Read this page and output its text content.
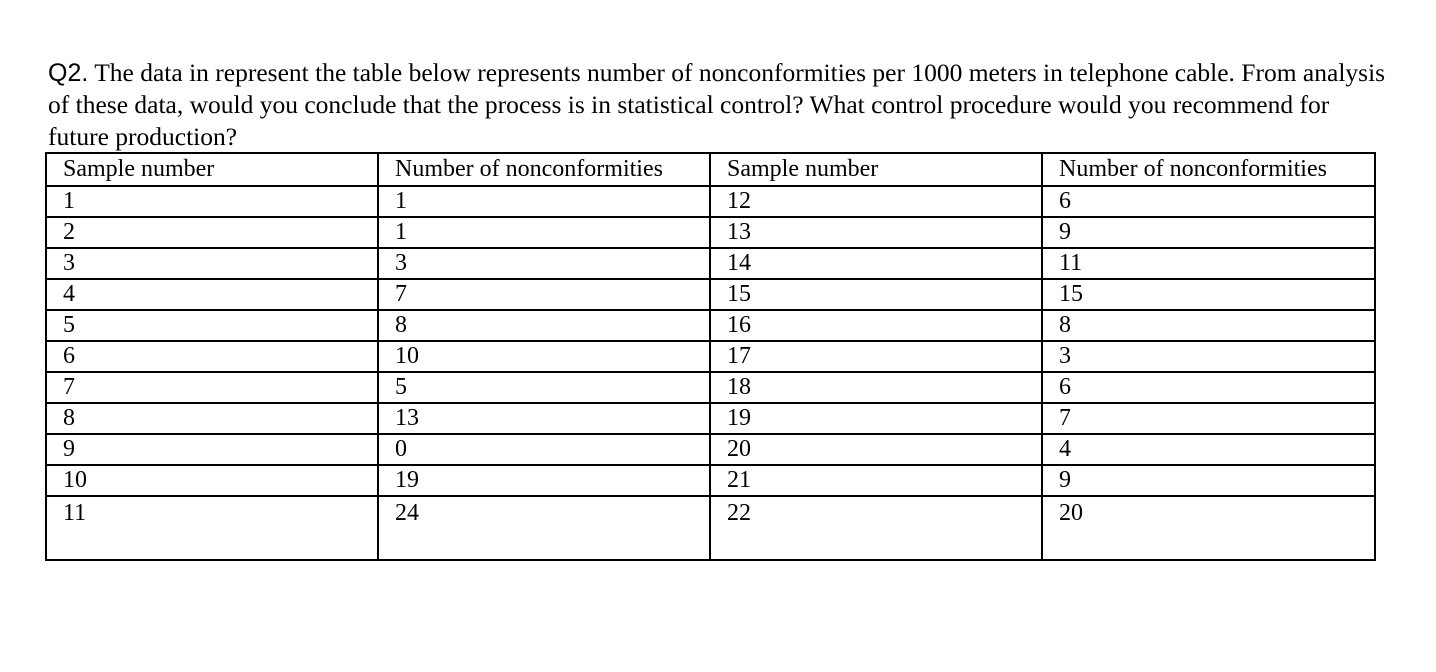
Q2. The data in represent the table below represents number of nonconformities per 1000 meters in telephone cable. From analysis of these data, would you conclude that the process is in statistical control? What control procedure would you recommend for future production?
Sample number	Number of nonconformities	Sample number	Number of nonconformities
1	1	12	6
2	1	13	9
3	3	14	11
4	7	15	15
5	8	16	8
6	10	17	3
7	5	18	6
8	13	19	7
9	0	20	4
10	19	21	9
11	24	22	20
